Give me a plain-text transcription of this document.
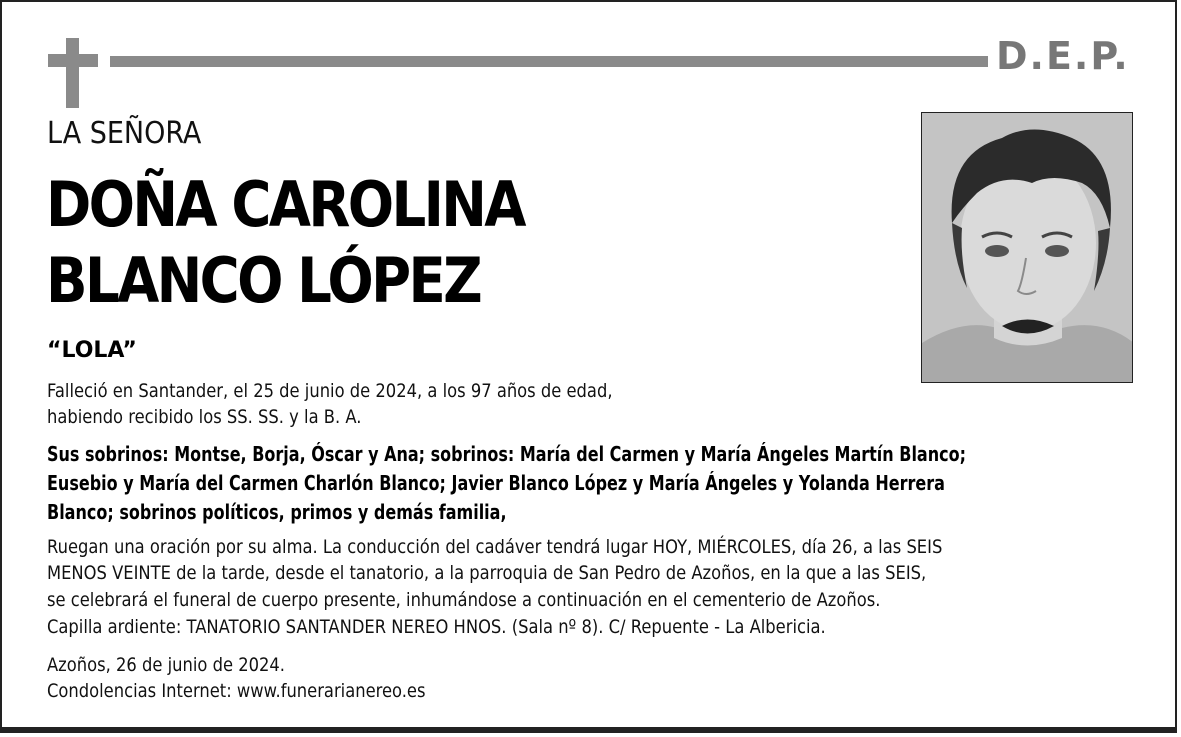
D.E.P.
LA SEÑORA
DOÑA CAROLINA
BLANCO LÓPEZ
“LOLA”
Falleció en Santander, el 25 de junio de 2024, a los 97 años de edad,
habiendo recibido los SS. SS. y la B. A.
Sus sobrinos: Montse, Borja, Óscar y Ana; sobrinos: María del Carmen y María Ángeles Martín Blanco;
Eusebio y María del Carmen Charlón Blanco; Javier Blanco López y María Ángeles y Yolanda Herrera
Blanco; sobrinos políticos, primos y demás familia,
Ruegan una oración por su alma. La conducción del cadáver tendrá lugar HOY, MIÉRCOLES, día 26, a las SEIS
MENOS VEINTE de la tarde, desde el tanatorio, a la parroquia de San Pedro de Azoños, en la que a las SEIS,
se celebrará el funeral de cuerpo presente, inhumándose a continuación en el cementerio de Azoños.
Capilla ardiente: TANATORIO SANTANDER NEREO HNOS. (Sala nº 8). C/ Repuente - La Albericia.
Azoños, 26 de junio de 2024.
Condolencias Internet: www.funerarianereo.es
